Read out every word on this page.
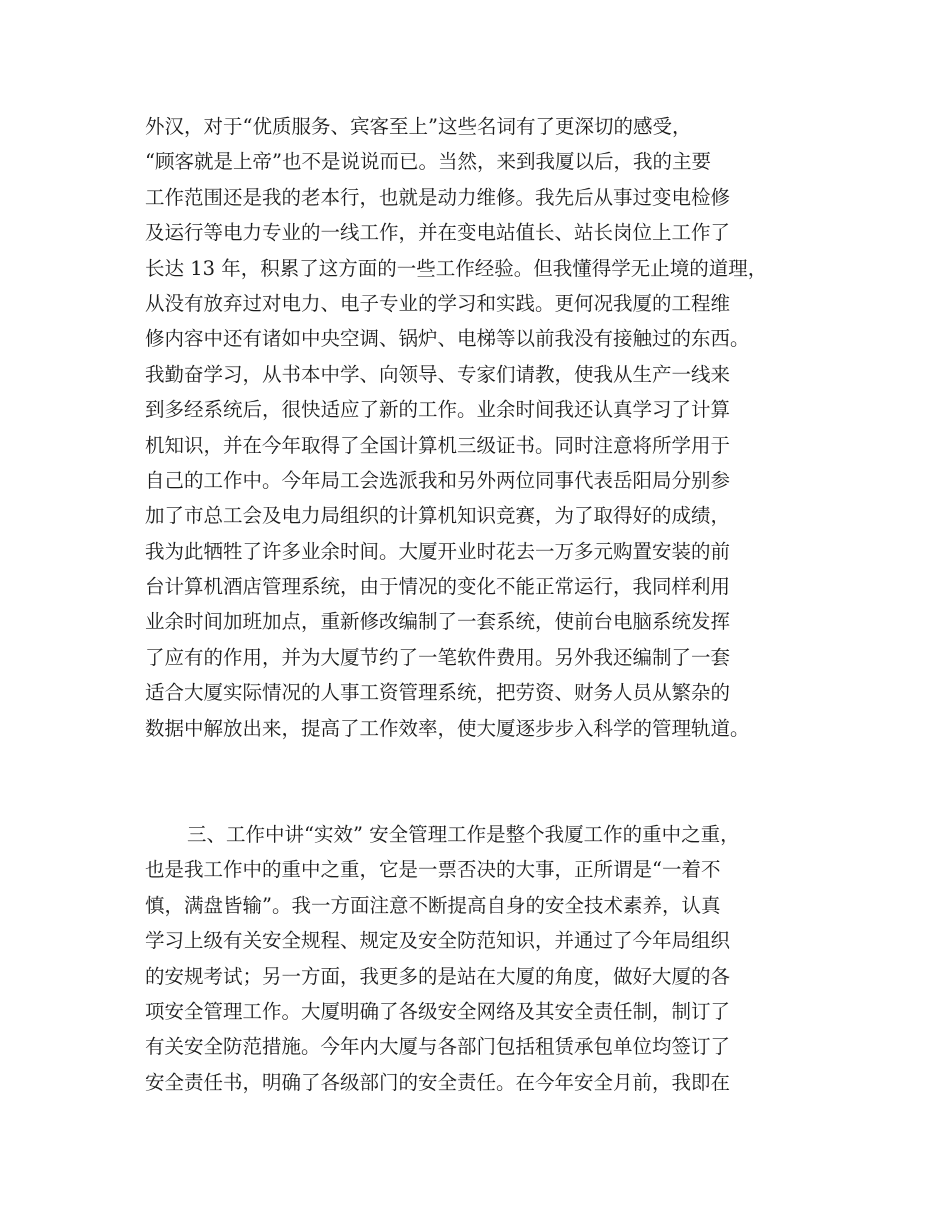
外汉，对于“优质服务、宾客至上”这些名词有了更深切的感受，
“顾客就是上帝”也不是说说而已。当然，来到我厦以后，我的主要
工作范围还是我的老本行，也就是动力维修。我先后从事过变电检修
及运行等电力专业的一线工作，并在变电站值长、站长岗位上工作了
长达 13 年，积累了这方面的一些工作经验。但我懂得学无止境的道理，
从没有放弃过对电力、电子专业的学习和实践。更何况我厦的工程维
修内容中还有诸如中央空调、锅炉、电梯等以前我没有接触过的东西。
我勤奋学习，从书本中学、向领导、专家们请教，使我从生产一线来
到多经系统后，很快适应了新的工作。业余时间我还认真学习了计算
机知识，并在今年取得了全国计算机三级证书。同时注意将所学用于
自己的工作中。今年局工会选派我和另外两位同事代表岳阳局分别参
加了市总工会及电力局组织的计算机知识竞赛，为了取得好的成绩，
我为此牺牲了许多业余时间。大厦开业时花去一万多元购置安装的前
台计算机酒店管理系统，由于情况的变化不能正常运行，我同样利用
业余时间加班加点，重新修改编制了一套系统，使前台电脑系统发挥
了应有的作用，并为大厦节约了一笔软件费用。另外我还编制了一套
适合大厦实际情况的人事工资管理系统，把劳资、财务人员从繁杂的
数据中解放出来，提高了工作效率，使大厦逐步步入科学的管理轨道。
三、工作中讲“实效” 安全管理工作是整个我厦工作的重中之重，
也是我工作中的重中之重，它是一票否决的大事，正所谓是“一着不
慎，满盘皆输”。我一方面注意不断提高自身的安全技术素养，认真
学习上级有关安全规程、规定及安全防范知识，并通过了今年局组织
的安规考试；另一方面，我更多的是站在大厦的角度，做好大厦的各
项安全管理工作。大厦明确了各级安全网络及其安全责任制，制订了
有关安全防范措施。今年内大厦与各部门包括租赁承包单位均签订了
安全责任书，明确了各级部门的安全责任。在今年安全月前，我即在
